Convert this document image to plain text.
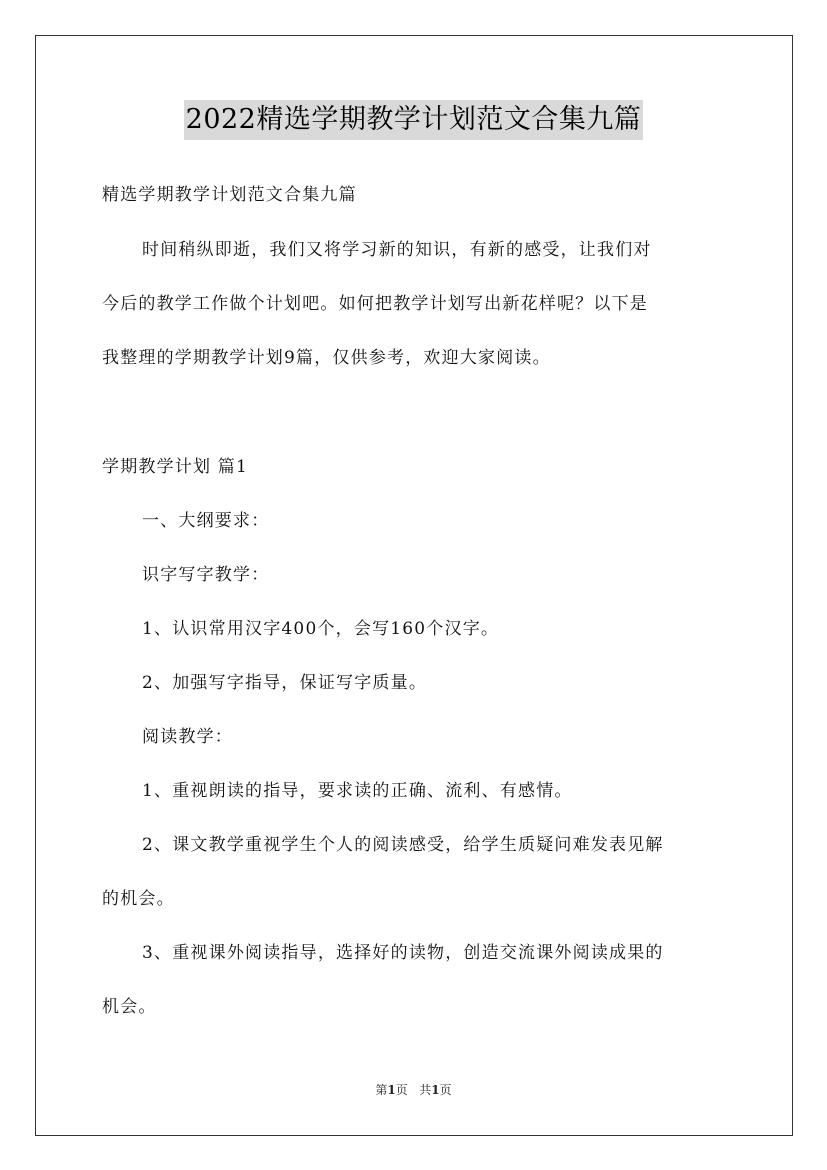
2022精选学期教学计划范文合集九篇
精选学期教学计划范文合集九篇
时间稍纵即逝，我们又将学习新的知识，有新的感受，让我们对
今后的教学工作做个计划吧。如何把教学计划写出新花样呢？以下是
我整理的学期教学计划9篇，仅供参考，欢迎大家阅读。
学期教学计划 篇1
一、大纲要求：
识字写字教学：
1、认识常用汉字400个，会写160个汉字。
2、加强写字指导，保证写字质量。
阅读教学：
1、重视朗读的指导，要求读的正确、流利、有感情。
2、课文教学重视学生个人的阅读感受，给学生质疑问难发表见解
的机会。
3、重视课外阅读指导，选择好的读物，创造交流课外阅读成果的
机会。
第1页   共1页
